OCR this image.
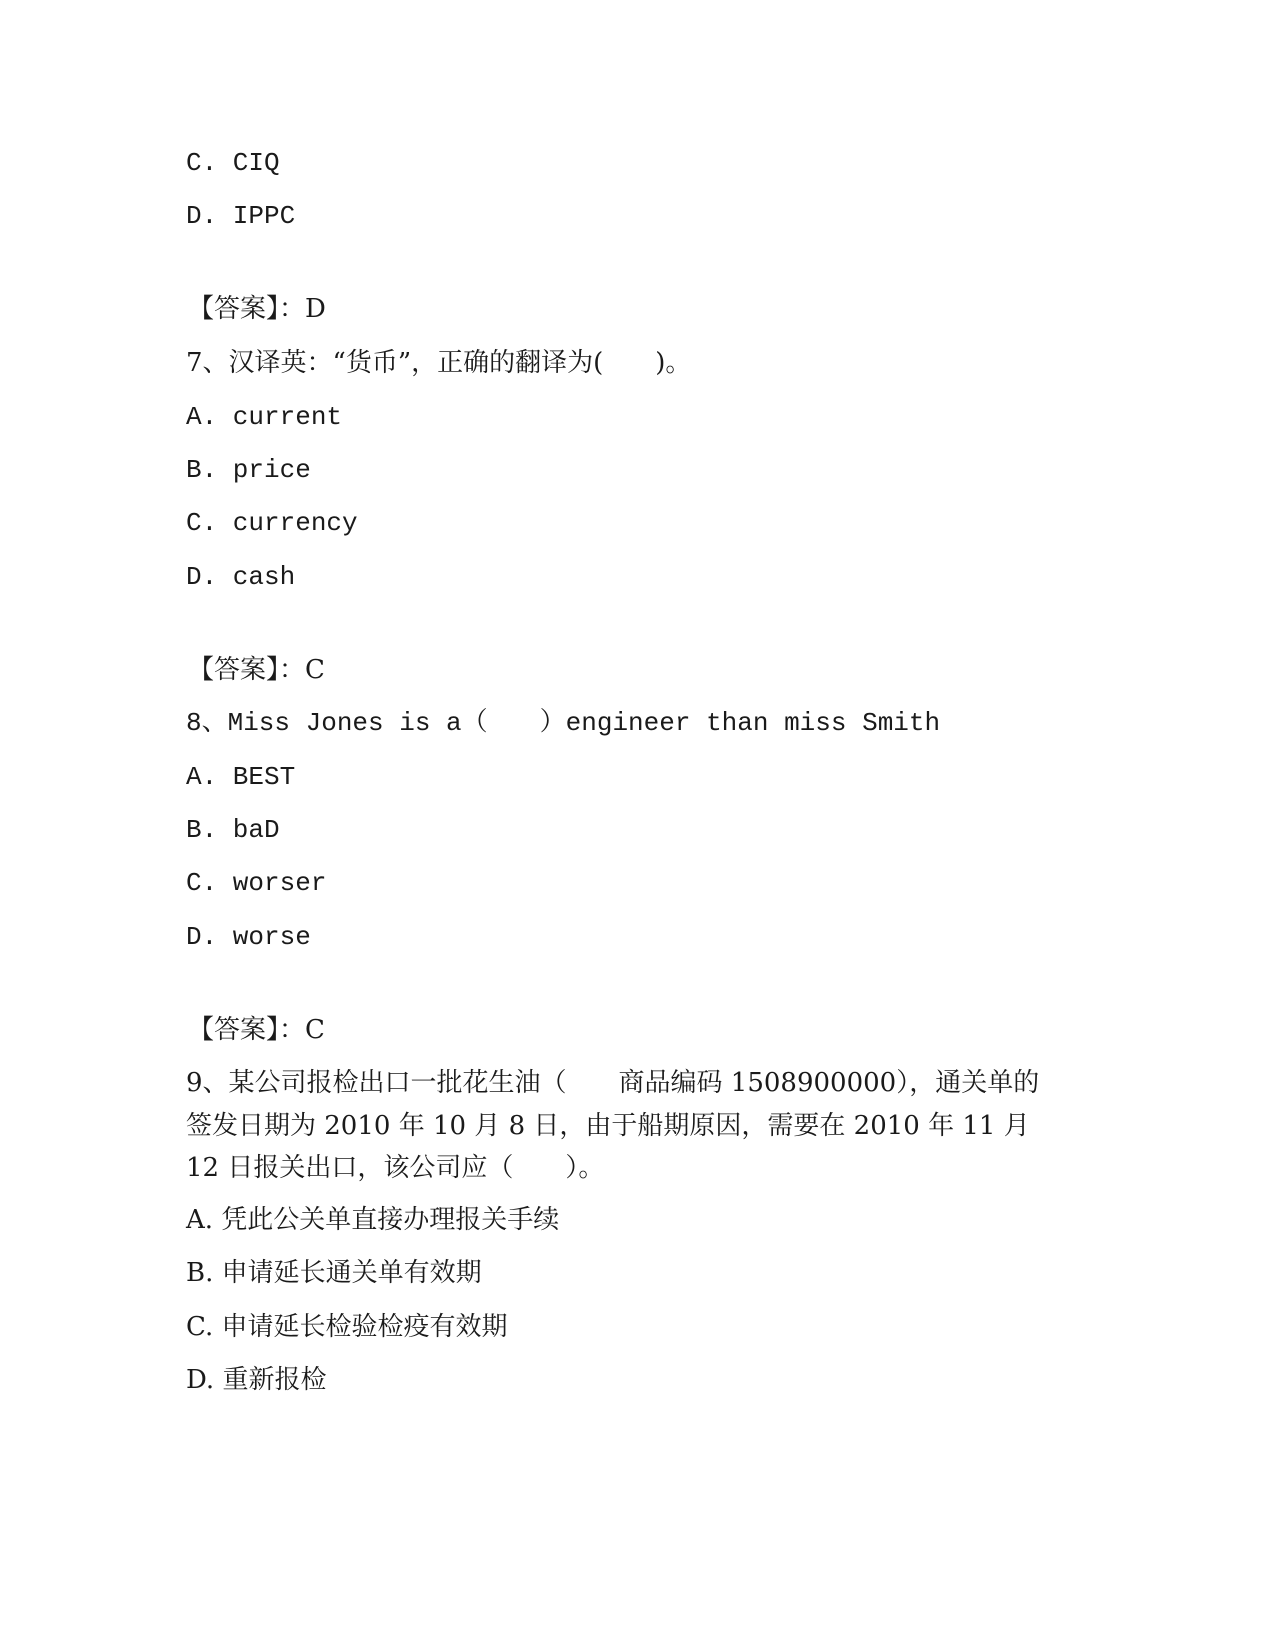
C. CIQ
D. IPPC
【答案】：D
7、汉译英：“货币”，正确的翻译为(　　)。
A. current
B. price
C. currency
D. cash
【答案】：C
8、Miss Jones is a（　　）engineer than miss Smith
A. BEST
B. baD
C. worser
D. worse
【答案】：C
9、某公司报检出口一批花生油（　　商品编码 1508900000），通关单的
签发日期为 2010 年 10 月 8 日，由于船期原因，需要在 2010 年 11 月
12 日报关出口，该公司应（　　）。
A. 凭此公关单直接办理报关手续
B. 申请延长通关单有效期
C. 申请延长检验检疫有效期
D. 重新报检
